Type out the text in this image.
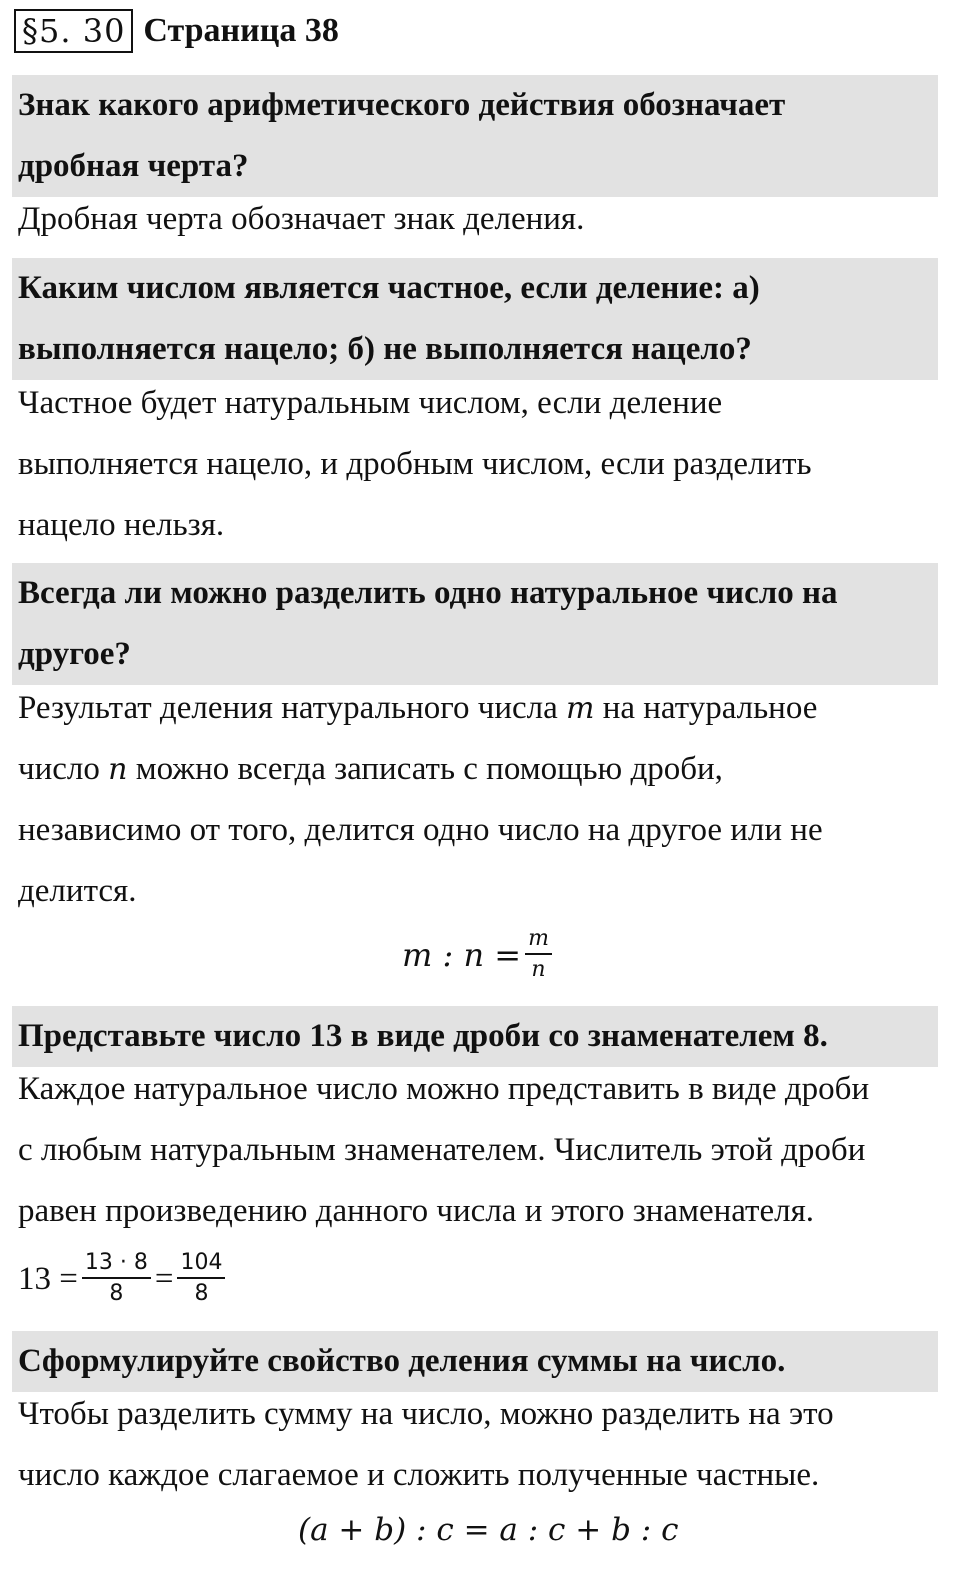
§5. 30 Страница 38
Знак какого арифметического действия обозначает
дробная черта?
Дробная черта обозначает знак деления.
Каким числом является частное, если деление: а)
выполняется нацело; б) не выполняется нацело?
Частное будет натуральным числом, если деление
выполняется нацело, и дробным числом, если разделить
нацело нельзя.
Всегда ли можно разделить одно натуральное число на
другое?
Результат деления натурального числа m на натуральное
число n можно всегда записать с помощью дроби,
независимо от того, делится одно число на другое или не
делится.
m : $n = \frac{m}{n}$
Представьте число 13 в виде дроби со знаменателем 8.
Каждое натуральное число можно представить в виде дроби
с любым натуральным знаменателем. Числитель этой дроби
равен произведению данного числа и этого знаменателя.
$13 = \frac{13 \cdot 8}{8} = \frac{104}{8}$
Сформулируйте свойство деления суммы на число.
Чтобы разделить сумму на число, можно разделить на это
число каждое слагаемое и сложить полученные частные.
(a + b) : c = a : c + b : c
